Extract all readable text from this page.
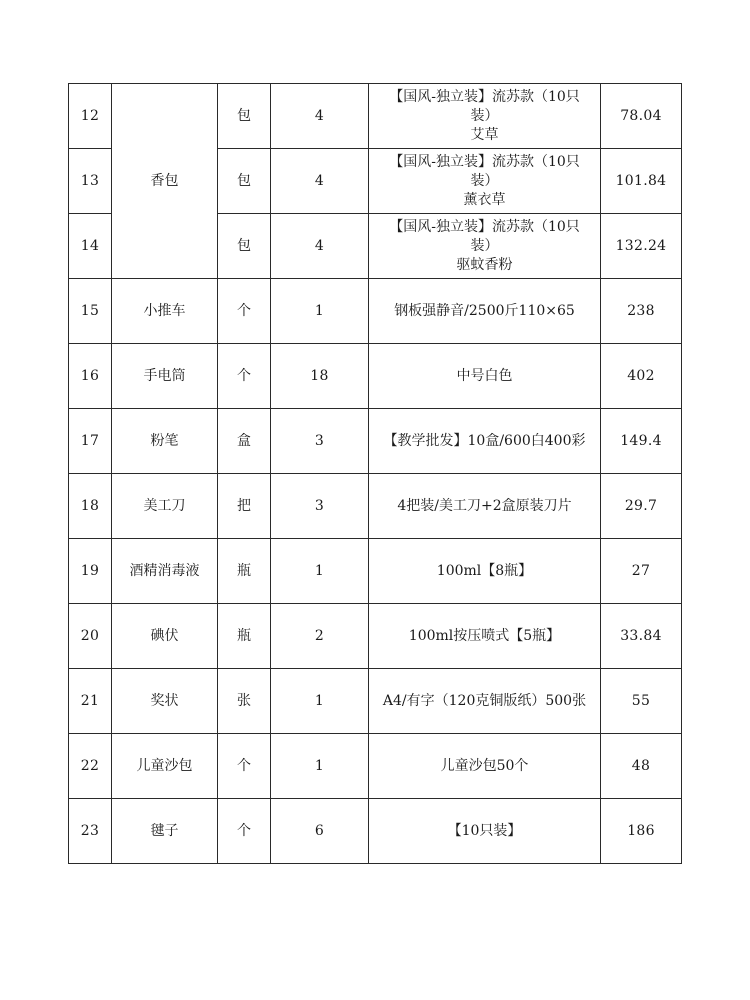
12	香包	包	4	【国风-独立装】流苏款（10只
装）
艾草	78.04
13		包	4	【国风-独立装】流苏款（10只
装）
薰衣草	101.84
14		包	4	【国风-独立装】流苏款（10只
装）
驱蚊香粉	132.24
15	小推车	个	1	钢板强静音/2500斤110×65	238
16	手电筒	个	18	中号白色	402
17	粉笔	盒	3	【教学批发】10盒/600白400彩	149.4
18	美工刀	把	3	4把装/美工刀+2盒原装刀片	29.7
19	酒精消毒液	瓶	1	100ml【8瓶】	27
20	碘伏	瓶	2	100ml按压喷式【5瓶】	33.84
21	奖状	张	1	A4/有字（120克铜版纸）500张	55
22	儿童沙包	个	1	儿童沙包50个	48
23	毽子	个	6	【10只装】	186
